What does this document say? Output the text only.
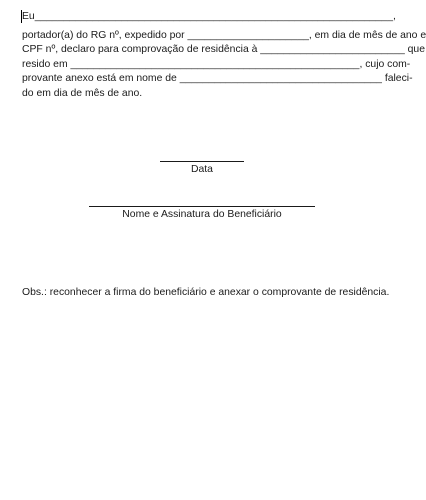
Eu______________________________________________________________,
portador(a) do RG nº, expedido por _____________________, em dia de mês de ano e
CPF nº, declaro para comprovação de residência à _________________________ que
resido em __________________________________________________, cujo com-
provante anexo está em nome de ___________________________________ faleci-
do em dia de mês de ano.
Data
Nome e Assinatura do Beneficiário
Obs.: reconhecer a firma do beneficiário e anexar o comprovante de residência.
